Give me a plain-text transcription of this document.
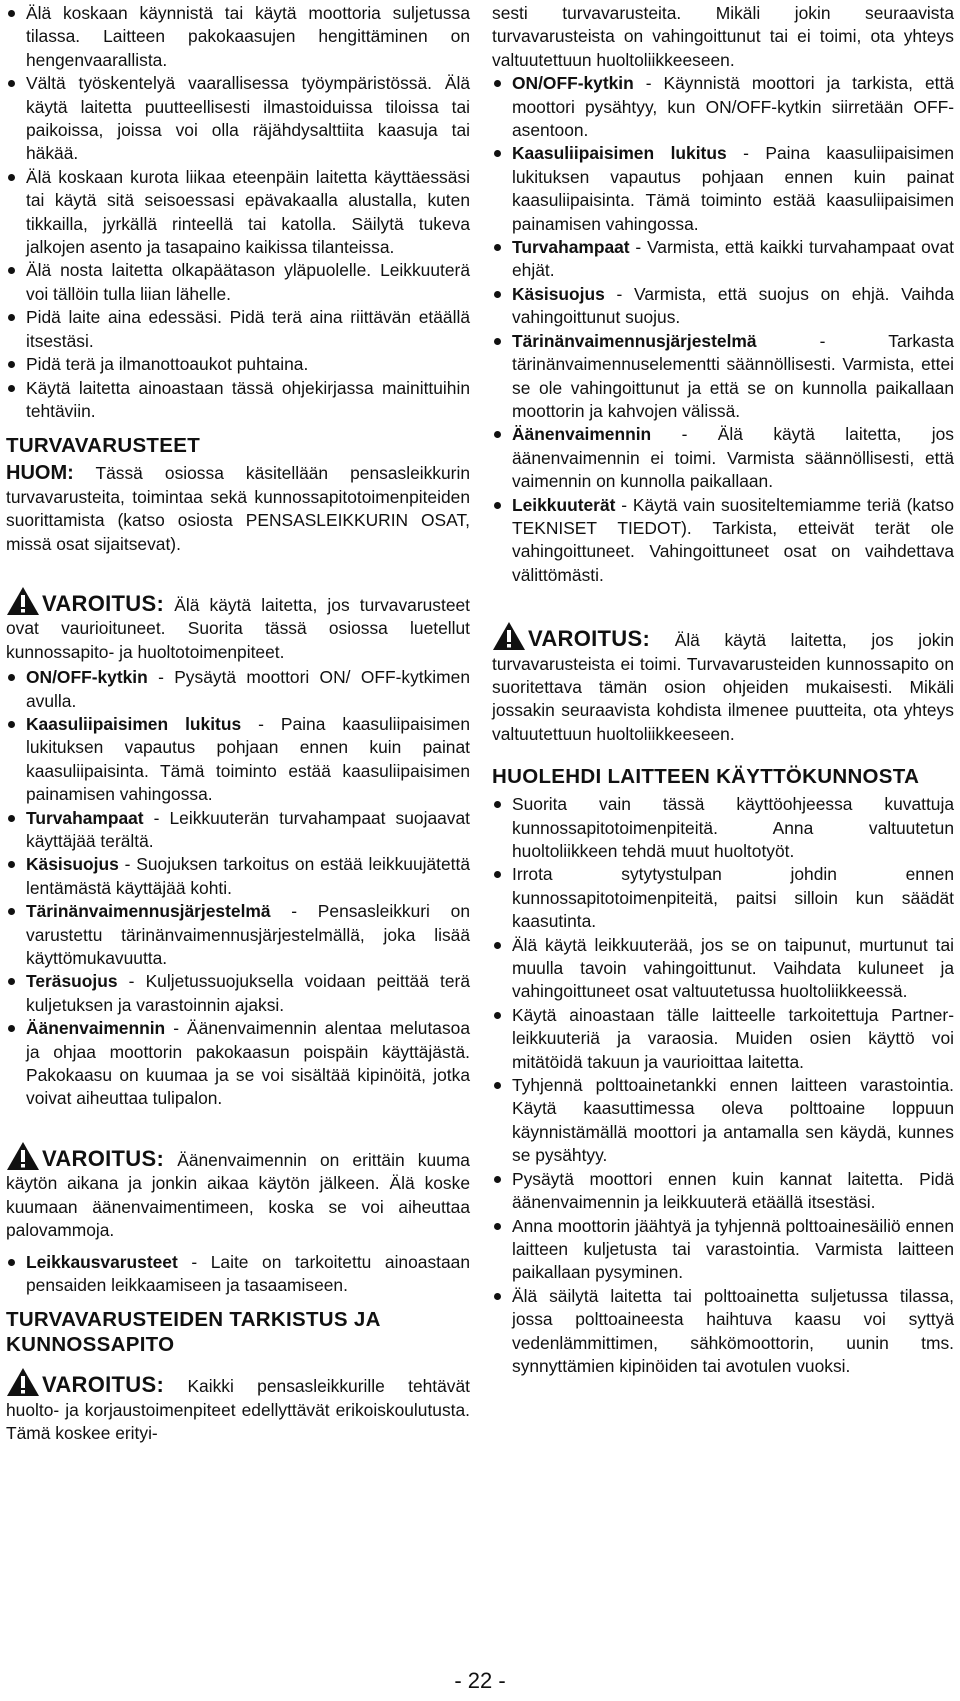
Älä koskaan käynnistä tai käytä moottoria suljetussa tilassa. Laitteen pakokaasujen hengittäminen on hengenvaarallista.
Vältä työskentelyä vaarallisessa työympäristössä. Älä käytä laitetta puutteellisesti ilmastoiduissa tiloissa tai paikoissa, joissa voi olla räjähdysalttiita kaasuja tai häkää.
Älä koskaan kurota liikaa eteenpäin laitetta käyttäessäsi tai käytä sitä seisoessasi epävakaalla alustalla, kuten tikkailla, jyrkällä rinteellä tai katolla. Säilytä tukeva jalkojen asento ja tasapaino kaikissa tilanteissa.
Älä nosta laitetta olkapäätason yläpuolelle. Leikkuuterä voi tällöin tulla liian lähelle.
Pidä laite aina edessäsi. Pidä terä aina riittävän etäällä itsestäsi.
Pidä terä ja ilmanottoaukot puhtaina.
Käytä laitetta ainoastaan tässä ohjekirjassa mainittuihin tehtäviin.
TURVAVARUSTEET

HUOM: Tässä osiossa käsitellään pensasleikkurin turvavarusteita, toimintaa sekä kunnossapitotoimenpiteiden suorittamista (katso osiosta PENSASLEIKKURIN OSAT, missä osat sijaitsevat).

VAROITUS: Älä käytä laitetta, jos turvavarusteet ovat vaurioituneet. Suorita tässä osiossa luetellut kunnossapito- ja huoltotoimenpiteet.

ON/OFF-kytkin - Pysäytä moottori ON/ OFF-kytkimen avulla.
Kaasuliipaisimen lukitus - Paina kaasuliipaisimen lukituksen vapautus pohjaan ennen kuin painat kaasuliipaisinta. Tämä toiminto estää kaasuliipaisimen painamisen vahingossa.
Turvahampaat - Leikkuuterän turvahampaat suojaavat käyttäjää terältä.
Käsisuojus - Suojuksen tarkoitus on estää leikkuujätettä lentämästä käyttäjää kohti.
Tärinänvaimennusjärjestelmä - Pensasleikkuri on varustettu tärinänvaimennusjärjestelmällä, joka lisää käyttömukavuutta.
Teräsuojus - Kuljetussuojuksella voidaan peittää terä kuljetuksen ja varastoinnin ajaksi.
Äänenvaimennin - Äänenvaimennin alentaa melutasoa ja ohjaa moottorin pakokaasun poispäin käyttäjästä. Pakokaasu on kuumaa ja se voi sisältää kipinöitä, jotka voivat aiheuttaa tulipalon.

VAROITUS: Äänenvaimennin on erittäin kuuma käytön aikana ja jonkin aikaa käytön jälkeen. Älä koske kuumaan äänenvaimentimeen, koska se voi aiheuttaa palovammoja.

Leikkausvarusteet - Laite on tarkoitettu ainoastaan pensaiden leikkaamiseen ja tasaamiseen.
TURVAVARUSTEIDEN TARKISTUS JA KUNNOSSAPITO

VAROITUS: Kaikki pensasleikkurille tehtävät huolto- ja korjaustoimenpiteet edellyttävät erikoiskoulutusta. Tämä koskee erityi-

sesti turvavarusteita. Mikäli jokin seuraavista turvavarusteista on vahingoittunut tai ei toimi, ota yhteys valtuutettuun huoltoliikkeeseen.

ON/OFF-kytkin - Käynnistä moottori ja tarkista, että moottori pysähtyy, kun ON/OFF-kytkin siirretään OFF-asentoon.
Kaasuliipaisimen lukitus - Paina kaasuliipaisimen lukituksen vapautus pohjaan ennen kuin painat kaasuliipaisinta. Tämä toiminto estää kaasuliipaisimen painamisen vahingossa.
Turvahampaat - Varmista, että kaikki turvahampaat ovat ehjät.
Käsisuojus - Varmista, että suojus on ehjä. Vaihda vahingoittunut suojus.
Tärinänvaimennusjärjestelmä - Tarkasta tärinänvaimennuselementti säännöllisesti. Varmista, ettei se ole vahingoittunut ja että se on kunnolla paikallaan moottorin ja kahvojen välissä.
Äänenvaimennin - Älä käytä laitetta, jos äänenvaimennin ei toimi. Varmista säännöllisesti, että vaimennin on kunnolla paikallaan.
Leikkuuterät - Käytä vain suositeltemiamme teriä (katso TEKNISET TIEDOT). Tarkista, etteivät terät ole vahingoittuneet. Vahingoittuneet osat on vaihdettava välittömästi.

VAROITUS: Älä käytä laitetta, jos jokin turvavarusteista ei toimi. Turvavarusteiden kunnossapito on suoritettava tämän osion ohjeiden mukaisesti. Mikäli jossakin seuraavista kohdista ilmenee puutteita, ota yhteys valtuutettuun huoltoliikkeeseen.

HUOLEHDI LAITTEEN KÄYTTÖKUNNOSTA
Suorita vain tässä käyttöohjeessa kuvattuja kunnossapitotoimenpiteitä. Anna valtuutetun huoltoliikkeen tehdä muut huoltotyöt.
Irrota sytytystulpan johdin ennen kunnossapitotoimenpiteitä, paitsi silloin kun säädät kaasutinta.
Älä käytä leikkuuterää, jos se on taipunut, murtunut tai muulla tavoin vahingoittunut. Vaihdata kuluneet ja vahingoittuneet osat valtuutetussa huoltoliikkeessä.
Käytä ainoastaan tälle laitteelle tarkoitettuja Partner-leikkuuteriä ja varaosia. Muiden osien käyttö voi mitätöidä takuun ja vaurioittaa laitetta.
Tyhjennä polttoainetankki ennen laitteen varastointia. Käytä kaasuttimessa oleva polttoaine loppuun käynnistämällä moottori ja antamalla sen käydä, kunnes se pysähtyy.
Pysäytä moottori ennen kuin kannat laitetta. Pidä äänenvaimennin ja leikkuuterä etäällä itsestäsi.
Anna moottorin jäähtyä ja tyhjennä polttoainesäiliö ennen laitteen kuljetusta tai varastointia. Varmista laitteen paikallaan pysyminen.
Älä säilytä laitetta tai polttoainetta suljetussa tilassa, jossa polttoaineesta haihtuva kaasu voi syttyä vedenlämmittimen, sähkömoottorin, uunin tms. synnyttämien kipinöiden tai avotulen vuoksi.
- 22 -
